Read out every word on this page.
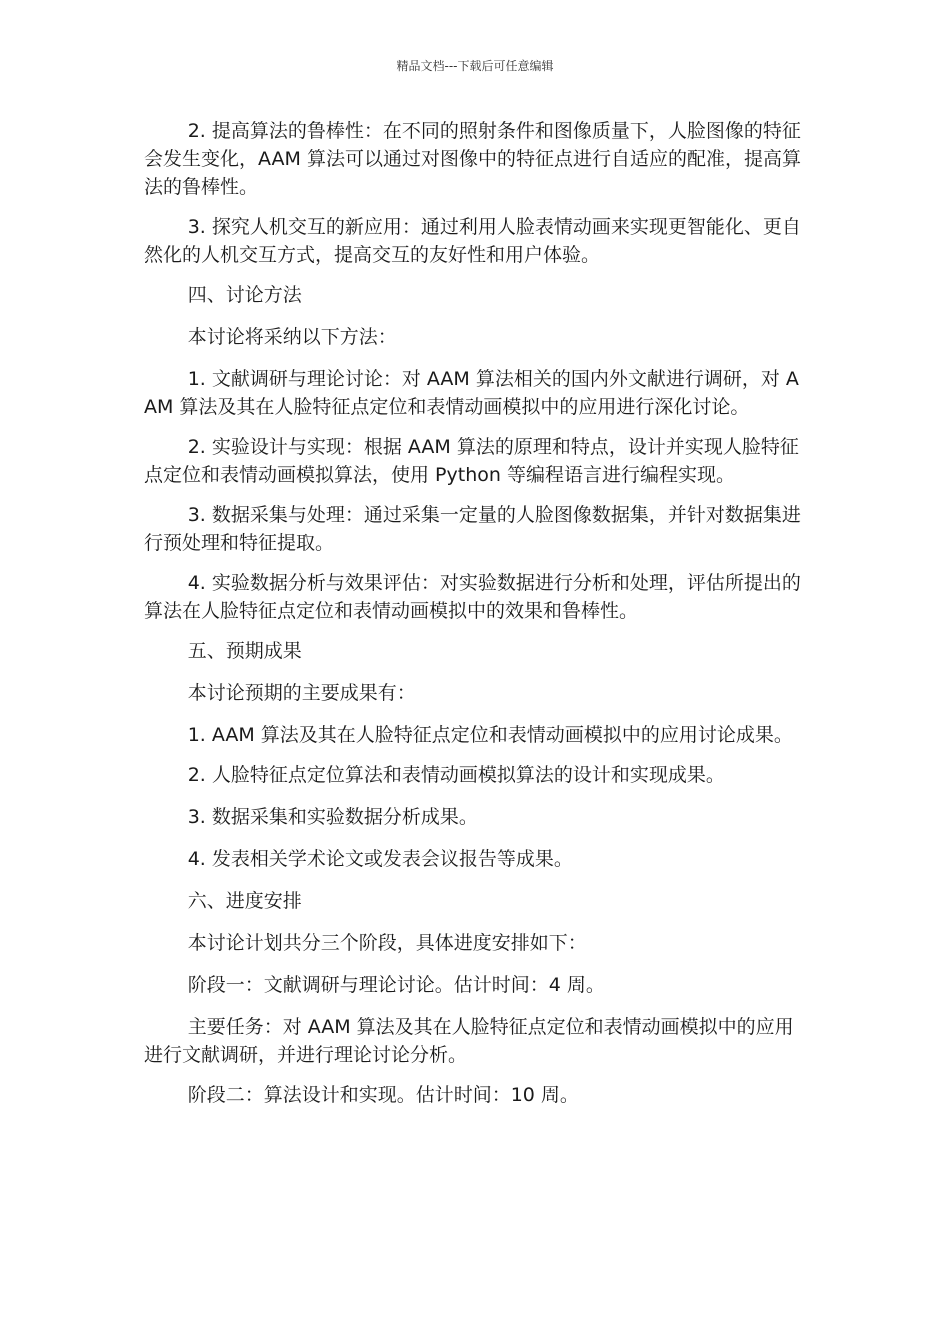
精品文档---下载后可任意编辑

2. 提高算法的鲁棒性：在不同的照射条件和图像质量下，人脸图像的特征会发生变化，AAM 算法可以通过对图像中的特征点进行自适应的配准，提高算法的鲁棒性。

3. 探究人机交互的新应用：通过利用人脸表情动画来实现更智能化、更自然化的人机交互方式，提高交互的友好性和用户体验。

四、讨论方法

本讨论将采纳以下方法：

1. 文献调研与理论讨论：对 AAM 算法相关的国内外文献进行调研，对 AAM 算法及其在人脸特征点定位和表情动画模拟中的应用进行深化讨论。

2. 实验设计与实现：根据 AAM 算法的原理和特点，设计并实现人脸特征点定位和表情动画模拟算法，使用 Python 等编程语言进行编程实现。

3. 数据采集与处理：通过采集一定量的人脸图像数据集，并针对数据集进行预处理和特征提取。

4. 实验数据分析与效果评估：对实验数据进行分析和处理，评估所提出的算法在人脸特征点定位和表情动画模拟中的效果和鲁棒性。

五、预期成果

本讨论预期的主要成果有：

1. AAM 算法及其在人脸特征点定位和表情动画模拟中的应用讨论成果。

2. 人脸特征点定位算法和表情动画模拟算法的设计和实现成果。

3. 数据采集和实验数据分析成果。

4. 发表相关学术论文或发表会议报告等成果。

六、进度安排

本讨论计划共分三个阶段，具体进度安排如下：

阶段一：文献调研与理论讨论。估计时间：4 周。

主要任务：对 AAM 算法及其在人脸特征点定位和表情动画模拟中的应用进行文献调研，并进行理论讨论分析。

阶段二：算法设计和实现。估计时间：10 周。
